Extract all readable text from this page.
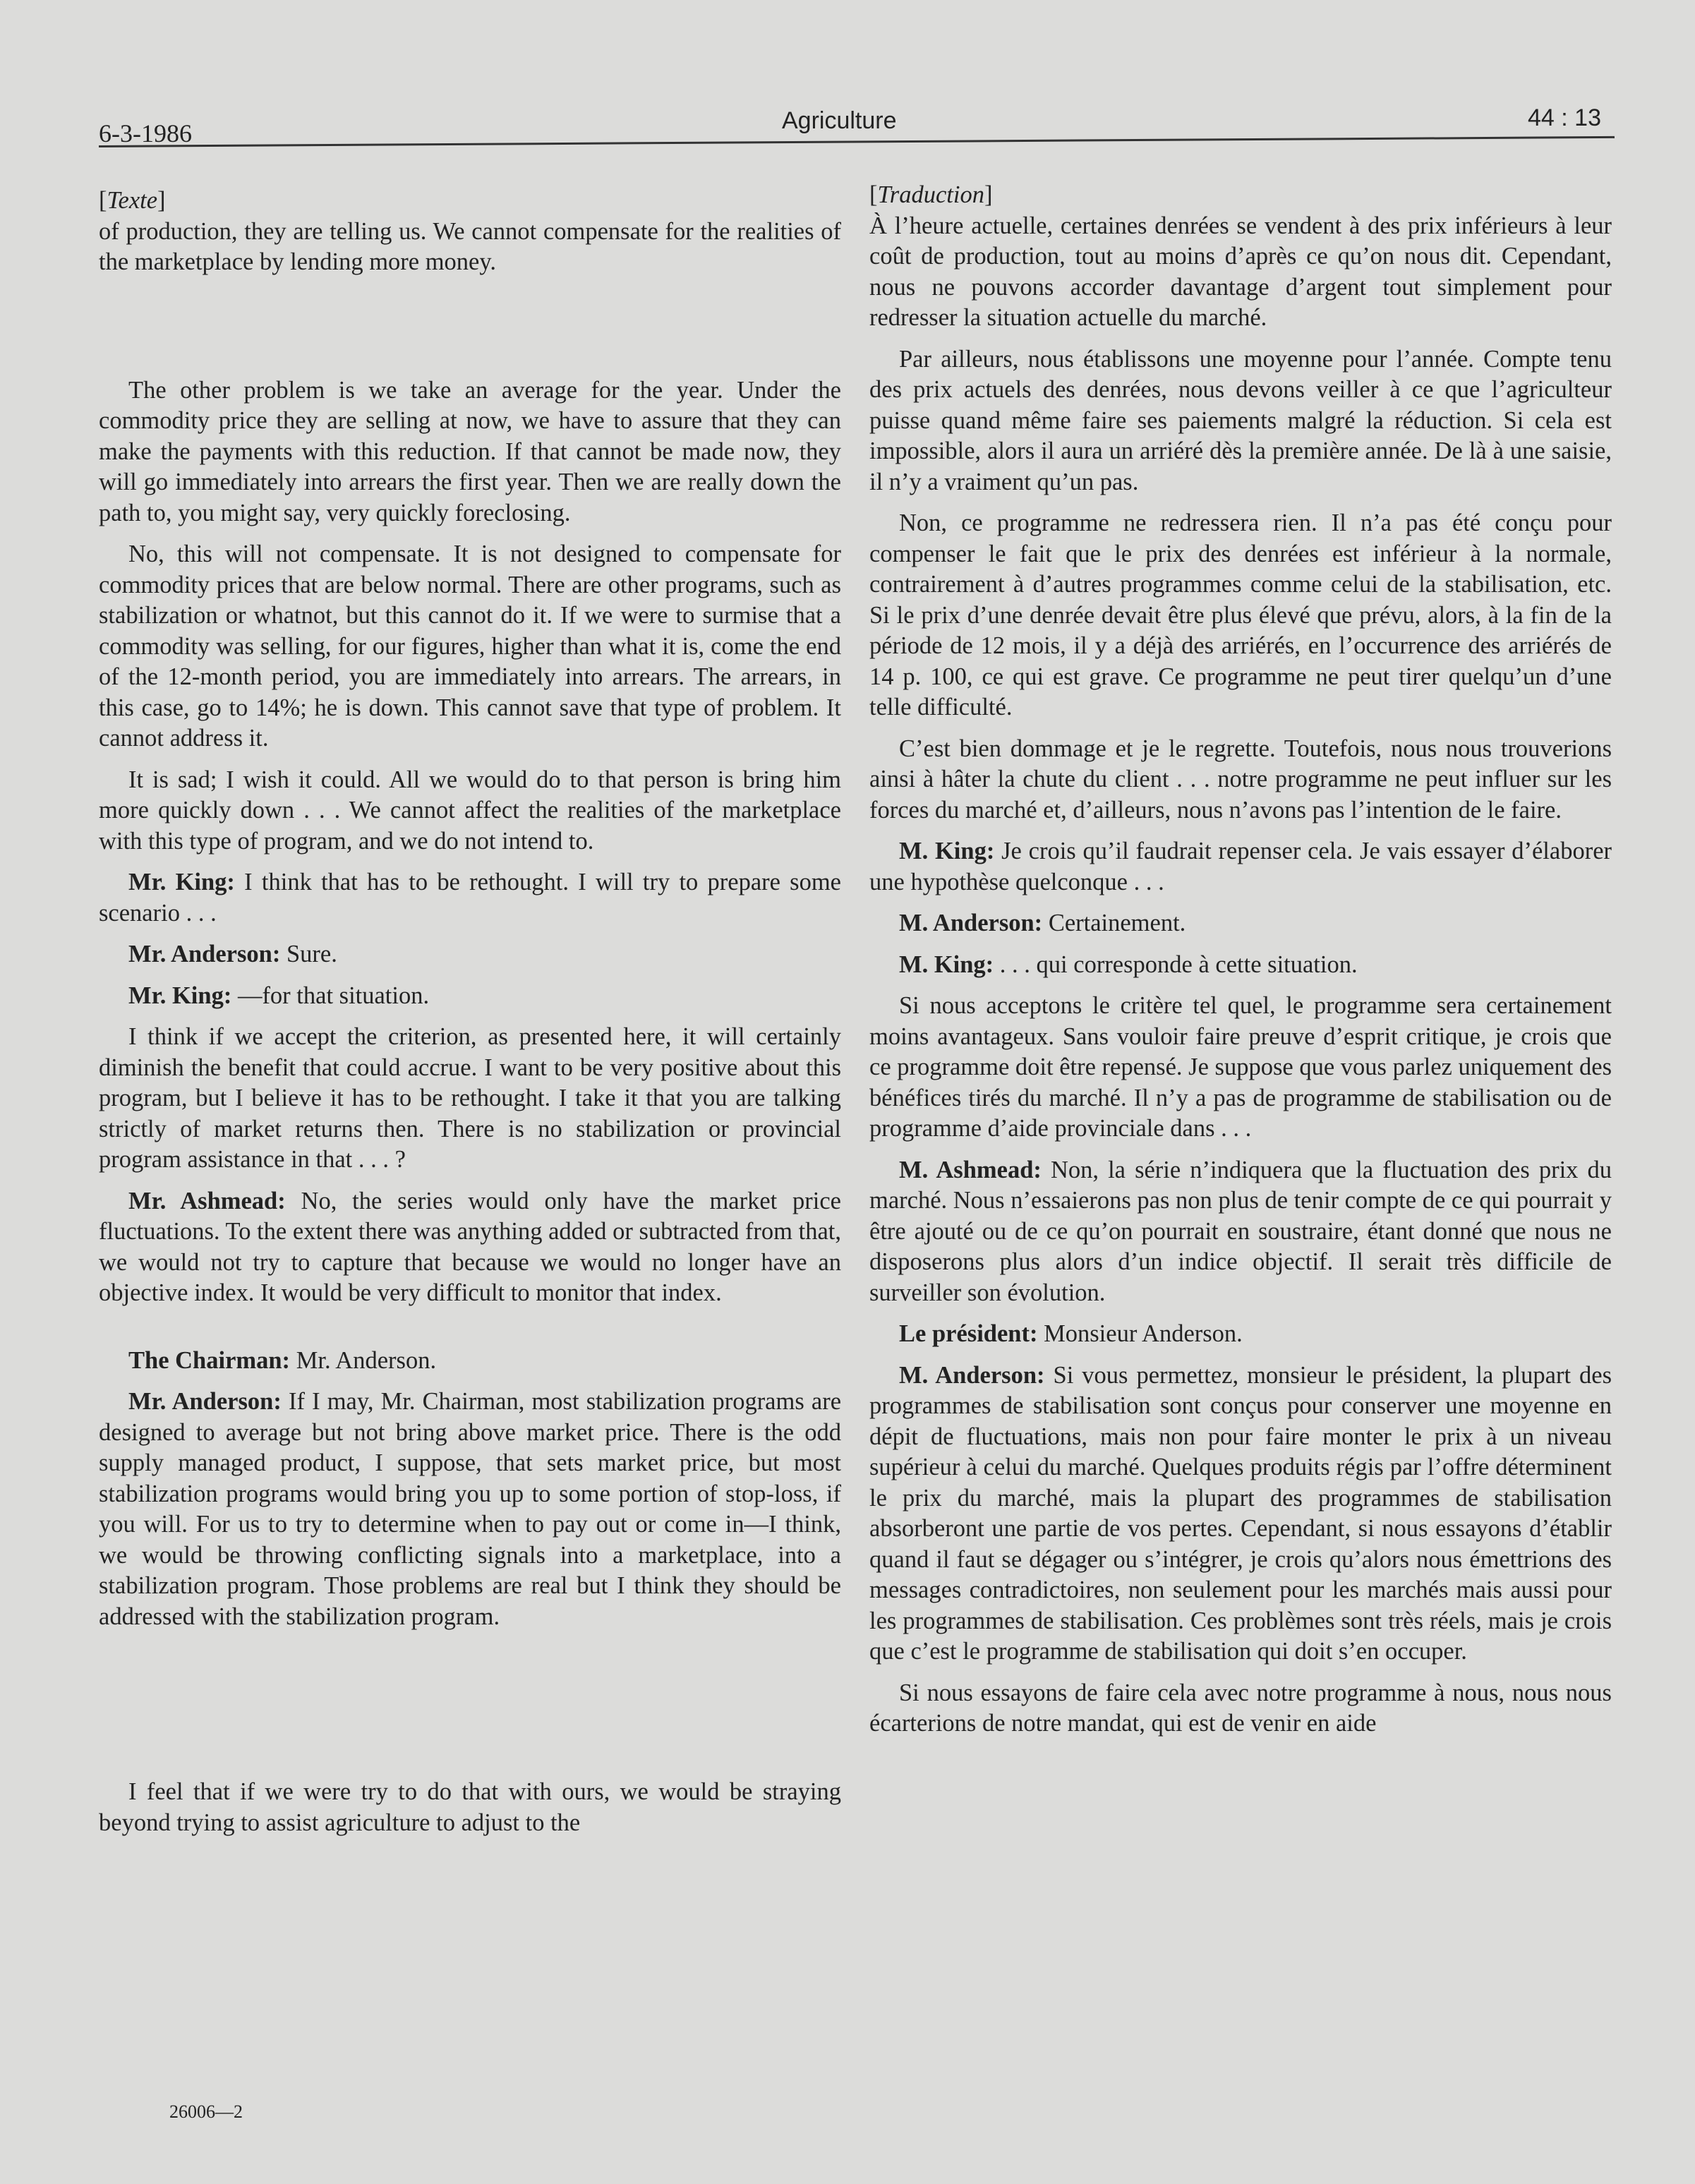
6-3-1986	Agriculture	44 : 13

[Texte]
of production, they are telling us. We cannot compensate for the realities of the marketplace by lending more money.

The other problem is we take an average for the year. Under the commodity price they are selling at now, we have to assure that they can make the payments with this reduction. If that cannot be made now, they will go immediately into arrears the first year. Then we are really down the path to, you might say, very quickly foreclosing.

No, this will not compensate. It is not designed to compensate for commodity prices that are below normal. There are other programs, such as stabilization or whatnot, but this cannot do it. If we were to surmise that a commodity was selling, for our figures, higher than what it is, come the end of the 12-month period, you are immediately into arrears. The arrears, in this case, go to 14%; he is down. This cannot save that type of problem. It cannot address it.

It is sad; I wish it could. All we would do to that person is bring him more quickly down . . . We cannot affect the realities of the marketplace with this type of program, and we do not intend to.

Mr. King: I think that has to be rethought. I will try to prepare some scenario . . .

Mr. Anderson: Sure.

Mr. King: —for that situation.

I think if we accept the criterion, as presented here, it will certainly diminish the benefit that could accrue. I want to be very positive about this program, but I believe it has to be rethought. I take it that you are talking strictly of market returns then. There is no stabilization or provincial program assistance in that . . . ?

Mr. Ashmead: No, the series would only have the market price fluctuations. To the extent there was anything added or subtracted from that, we would not try to capture that because we would no longer have an objective index. It would be very difficult to monitor that index.

The Chairman: Mr. Anderson.

Mr. Anderson: If I may, Mr. Chairman, most stabilization programs are designed to average but not bring above market price. There is the odd supply managed product, I suppose, that sets market price, but most stabilization programs would bring you up to some portion of stop-loss, if you will. For us to try to determine when to pay out or come in—I think, we would be throwing conflicting signals into a marketplace, into a stabilization program. Those problems are real but I think they should be addressed with the stabilization program.

I feel that if we were try to do that with ours, we would be straying beyond trying to assist agriculture to adjust to the

[Traduction]
À l’heure actuelle, certaines denrées se vendent à des prix inférieurs à leur coût de production, tout au moins d’après ce qu’on nous dit. Cependant, nous ne pouvons accorder davantage d’argent tout simplement pour redresser la situation actuelle du marché.

Par ailleurs, nous établissons une moyenne pour l’année. Compte tenu des prix actuels des denrées, nous devons veiller à ce que l’agriculteur puisse quand même faire ses paiements malgré la réduction. Si cela est impossible, alors il aura un arriéré dès la première année. De là à une saisie, il n’y a vraiment qu’un pas.

Non, ce programme ne redressera rien. Il n’a pas été conçu pour compenser le fait que le prix des denrées est inférieur à la normale, contrairement à d’autres programmes comme celui de la stabilisation, etc. Si le prix d’une denrée devait être plus élevé que prévu, alors, à la fin de la période de 12 mois, il y a déjà des arriérés, en l’occurrence des arriérés de 14 p. 100, ce qui est grave. Ce programme ne peut tirer quelqu’un d’une telle difficulté.

C’est bien dommage et je le regrette. Toutefois, nous nous trouverions ainsi à hâter la chute du client . . . notre programme ne peut influer sur les forces du marché et, d’ailleurs, nous n’avons pas l’intention de le faire.

M. King: Je crois qu’il faudrait repenser cela. Je vais essayer d’élaborer une hypothèse quelconque . . .

M. Anderson: Certainement.

M. King: . . . qui corresponde à cette situation.

Si nous acceptons le critère tel quel, le programme sera certainement moins avantageux. Sans vouloir faire preuve d’esprit critique, je crois que ce programme doit être repensé. Je suppose que vous parlez uniquement des bénéfices tirés du marché. Il n’y a pas de programme de stabilisation ou de programme d’aide provinciale dans . . .

M. Ashmead: Non, la série n’indiquera que la fluctuation des prix du marché. Nous n’essaierons pas non plus de tenir compte de ce qui pourrait y être ajouté ou de ce qu’on pourrait en soustraire, étant donné que nous ne disposerons plus alors d’un indice objectif. Il serait très difficile de surveiller son évolution.

Le président: Monsieur Anderson.

M. Anderson: Si vous permettez, monsieur le président, la plupart des programmes de stabilisation sont conçus pour conserver une moyenne en dépit de fluctuations, mais non pour faire monter le prix à un niveau supérieur à celui du marché. Quelques produits régis par l’offre déterminent le prix du marché, mais la plupart des programmes de stabilisation absorberont une partie de vos pertes. Cependant, si nous essayons d’établir quand il faut se dégager ou s’intégrer, je crois qu’alors nous émettrions des messages contradictoires, non seulement pour les marchés mais aussi pour les programmes de stabilisation. Ces problèmes sont très réels, mais je crois que c’est le programme de stabilisation qui doit s’en occuper.

Si nous essayons de faire cela avec notre programme à nous, nous nous écarterions de notre mandat, qui est de venir en aide

26006—2
